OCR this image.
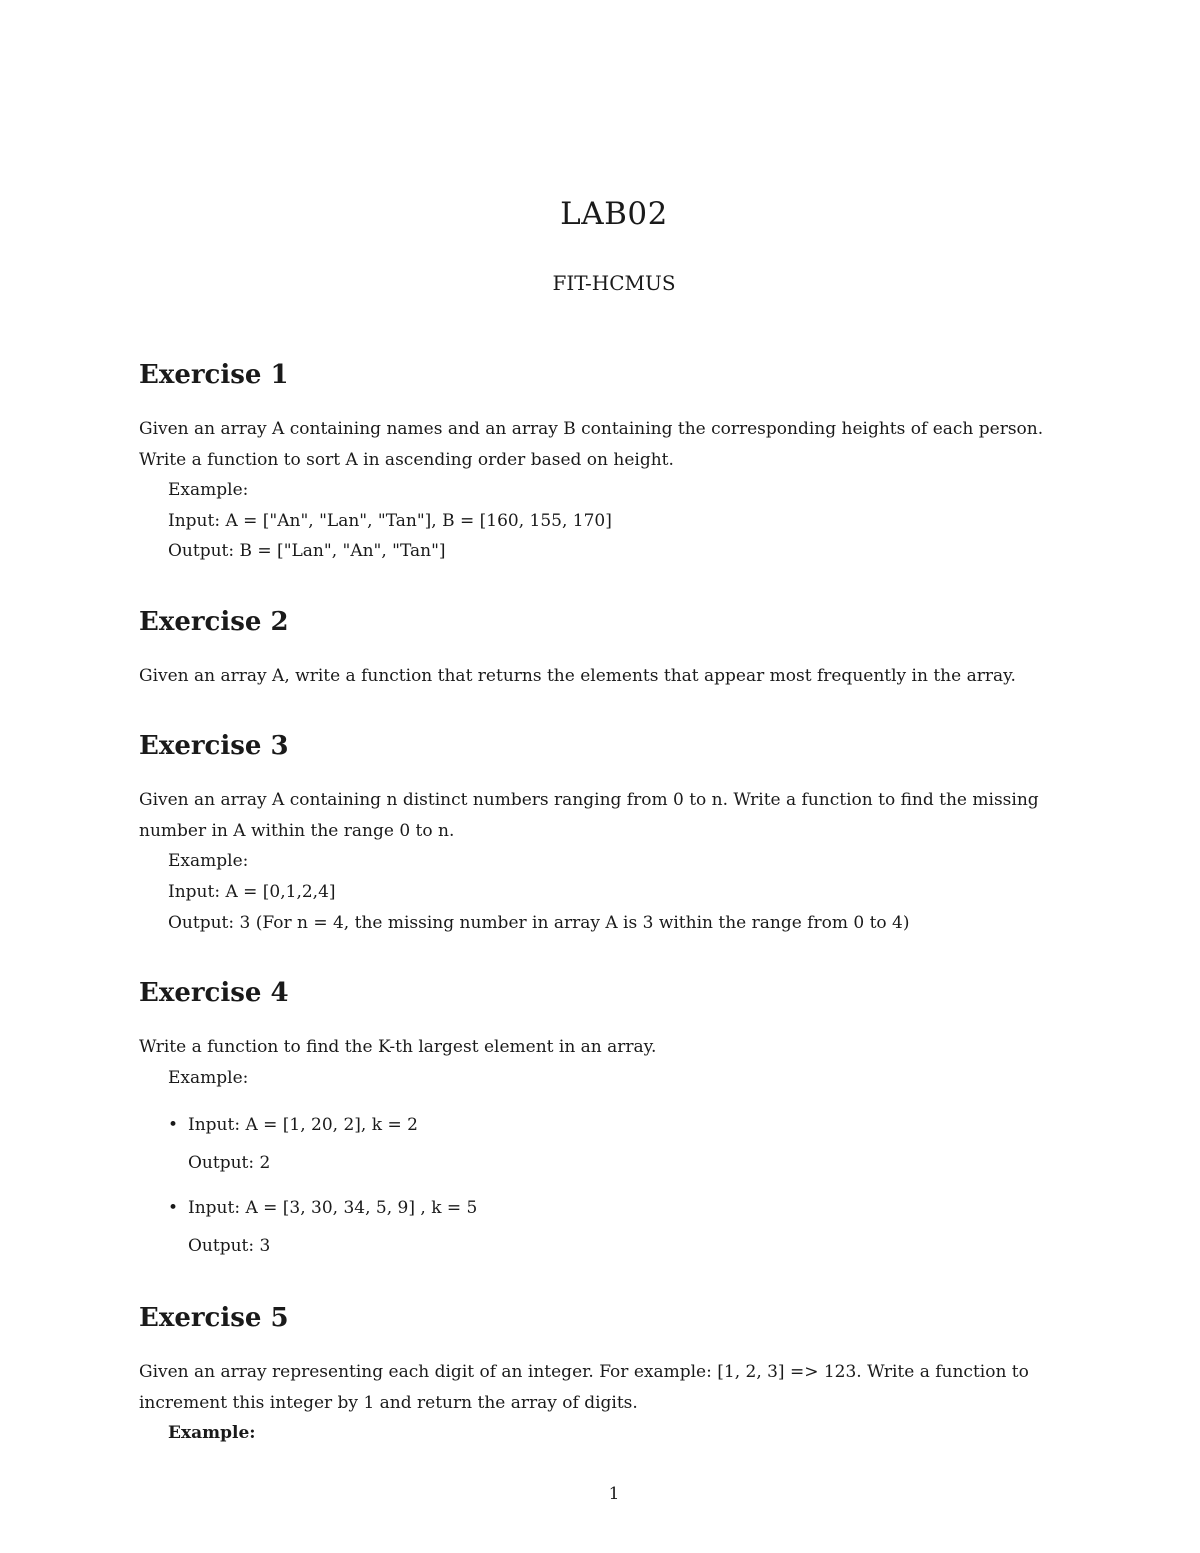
LAB02
FIT-HCMUS
Exercise 1

Given an array A containing names and an array B containing the corresponding heights of each person. Write a function to sort A in ascending order based on height.

Example:
Input: A = ["An", "Lan", "Tan"], B = [160, 155, 170]
Output: B = ["Lan", "An", "Tan"]
Exercise 2

Given an array A, write a function that returns the elements that appear most frequently in the array.

Exercise 3

Given an array A containing n distinct numbers ranging from 0 to n. Write a function to find the missing number in A within the range 0 to n.

Example:
Input: A = [0,1,2,4]
Output: 3 (For n = 4, the missing number in array A is 3 within the range from 0 to 4)
Exercise 4

Write a function to find the K-th largest element in an array.

Example:
• Input: A = [1, 20, 2], k = 2
Output: 2
• Input: A = [3, 30, 34, 5, 9] , k = 5
Output: 3
Exercise 5

Given an array representing each digit of an integer. For example: [1, 2, 3] => 123. Write a function to increment this integer by 1 and return the array of digits.

Example:
1
